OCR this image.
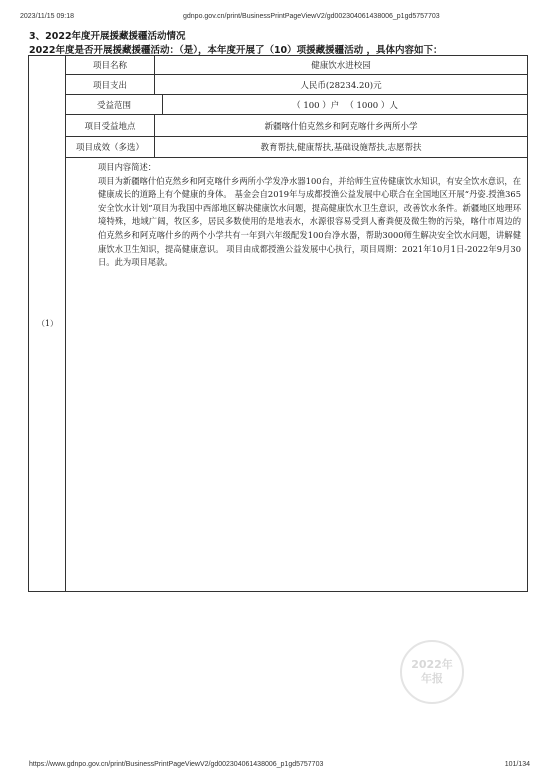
2023/11/15 09:18	gdnpo.gov.cn/print/BusinessPrintPageViewV2/gd002304061438006_p1gd5757703
3、2022年度开展援藏援疆活动情况
2022年度是否开展援藏援疆活动：（是），本年度开展了（10）项援藏援疆活动 ，具体内容如下：
（1）
项目名称	健康饮水进校园
项目支出	人民币(28234.20)元
受益范围	（ 100 ）户 （ 1000 ）人
项目受益地点	新疆喀什伯克然乡和阿克喀什乡两所小学
项目成效（多选）	教育帮扶,健康帮扶,基础设施帮扶,志愿帮扶
项目内容简述：
项目为新疆喀什伯克然乡和阿克喀什乡两所小学发净水器100台，并给师生宣传健康饮水知识，有安全饮水意识，在健康成长的道路上有个健康的身体。 基金会自2019年与成都授渔公益发展中心联合在全国地区开展“丹姿.授渔365安全饮水计划”项目为我国中西部地区解决健康饮水问题，提高健康饮水卫生意识，改善饮水条件。新疆地区地理环境特殊，地域广阔，牧区多，居民多数使用的是地表水，水源很容易受到人畜粪便及微生物的污染，喀什市周边的伯克然乡和阿克喀什乡的两个小学共有一年到六年级配发100台净水器，帮助3000师生解决安全饮水问题，讲解健康饮水卫生知识，提高健康意识。 项目由成都授渔公益发展中心执行，项目周期：2021年10月1日-2022年9月30日。此为项目尾款。
2022年
年报
https://www.gdnpo.gov.cn/print/BusinessPrintPageViewV2/gd002304061438006_p1gd5757703	101/134
